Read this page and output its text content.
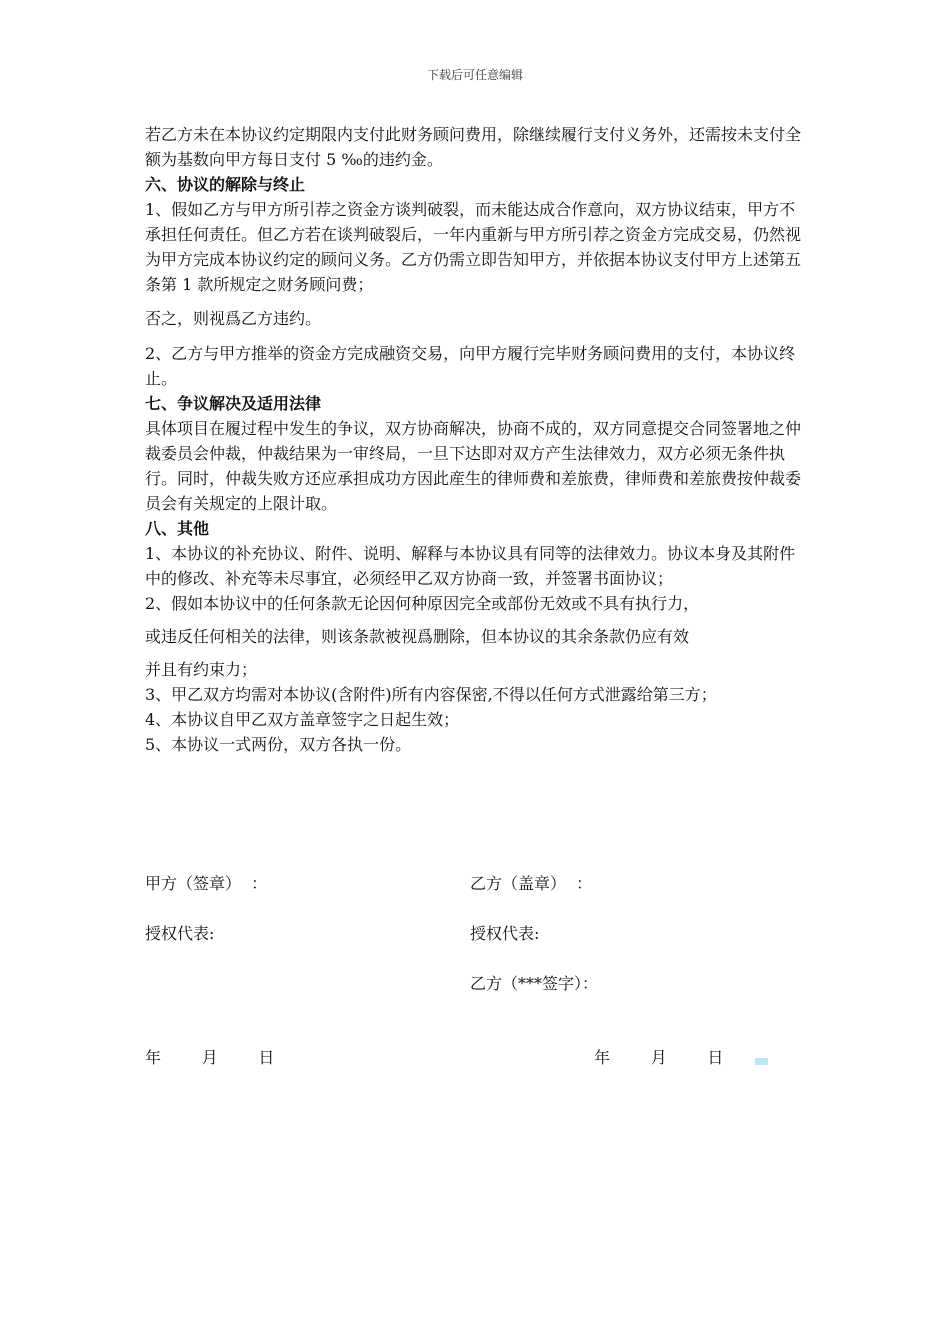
下载后可任意编辑

若乙方未在本协议约定期限内支付此财务顾问费用，除继续履行支付义务外，还需按未支付全额为基数向甲方每日支付 5 ‰的违约金。

六、协议的解除与终止

1、假如乙方与甲方所引荐之资金方谈判破裂，而未能达成合作意向，双方协议结束，甲方不承担任何责任。但乙方若在谈判破裂后，一年内重新与甲方所引荐之资金方完成交易，仍然视为甲方完成本协议约定的顾问义务。乙方仍需立即告知甲方，并依据本协议支付甲方上述第五条第 1 款所规定之财务顾问费；

否之，则视爲乙方违约。

2、乙方与甲方推举的资金方完成融资交易，向甲方履行完毕财务顾问费用的支付，本协议终止。

七、争议解决及适用法律

具体项目在履过程中发生的争议，双方协商解决，协商不成的，双方同意提交合同签署地之仲裁委员会仲裁，仲裁结果为一审终局，一旦下达即对双方产生法律效力，双方必须无条件执行。同时，仲裁失败方还应承担成功方因此産生的律师费和差旅费，律师费和差旅费按仲裁委员会有关规定的上限计取。

八、其他

1、本协议的补充协议、附件、说明、解释与本协议具有同等的法律效力。协议本身及其附件中的修改、补充等未尽事宜，必须经甲乙双方协商一致，并签署书面协议；

2、假如本协议中的任何条款无论因何种原因完全或部份无效或不具有执行力，

或违反任何相关的法律，则该条款被视爲删除，但本协议的其余条款仍应有效

并且有约束力；

3、甲乙双方均需对本协议(含附件)所有内容保密,不得以任何方式泄露给第三方；

4、本协议自甲乙双方盖章签字之日起生效；

5、本协议一式两份，双方各执一份。

甲方（签章）  ：	乙方（盖章）  ：
授权代表:	授权代表:
乙方（***签字）：
年        月        日	年        月        日
